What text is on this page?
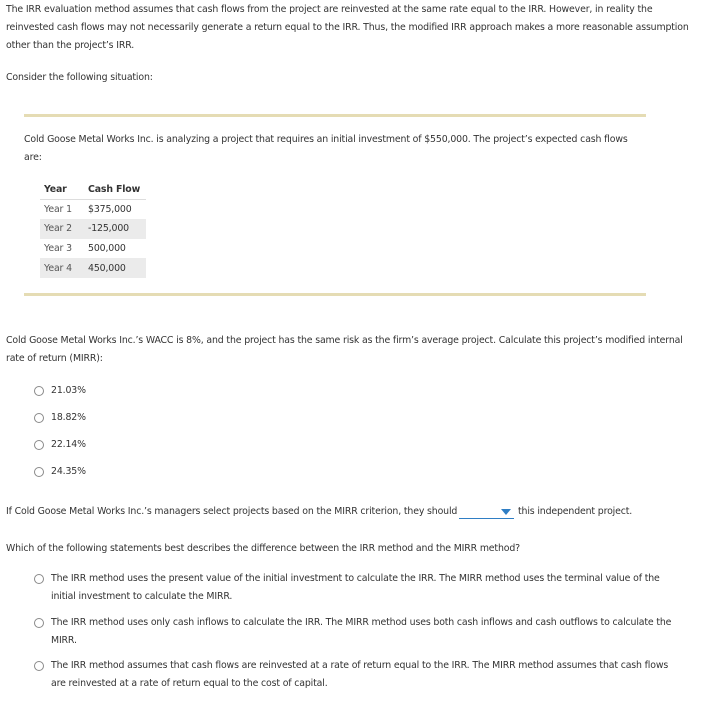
The IRR evaluation method assumes that cash flows from the project are reinvested at the same rate equal to the IRR. However, in reality the reinvested cash flows may not necessarily generate a return equal to the IRR. Thus, the modified IRR approach makes a more reasonable assumption other than the project’s IRR.

Consider the following situation:

Cold Goose Metal Works Inc. is analyzing a project that requires an initial investment of $550,000. The project’s expected cash flows are:

Year	Cash Flow
Year 1	$375,000
Year 2	-125,000
Year 3	500,000
Year 4	450,000

Cold Goose Metal Works Inc.’s WACC is 8%, and the project has the same risk as the firm’s average project. Calculate this project’s modified internal rate of return (MIRR):

21.03%
18.82%
22.14%
24.35%

If Cold Goose Metal Works Inc.’s managers select projects based on the MIRR criterion, they should	this independent project.

Which of the following statements best describes the difference between the IRR method and the MIRR method?

The IRR method uses the present value of the initial investment to calculate the IRR. The MIRR method uses the terminal value of the initial investment to calculate the MIRR.
The IRR method uses only cash inflows to calculate the IRR. The MIRR method uses both cash inflows and cash outflows to calculate the MIRR.
The IRR method assumes that cash flows are reinvested at a rate of return equal to the IRR. The MIRR method assumes that cash flows are reinvested at a rate of return equal to the cost of capital.
